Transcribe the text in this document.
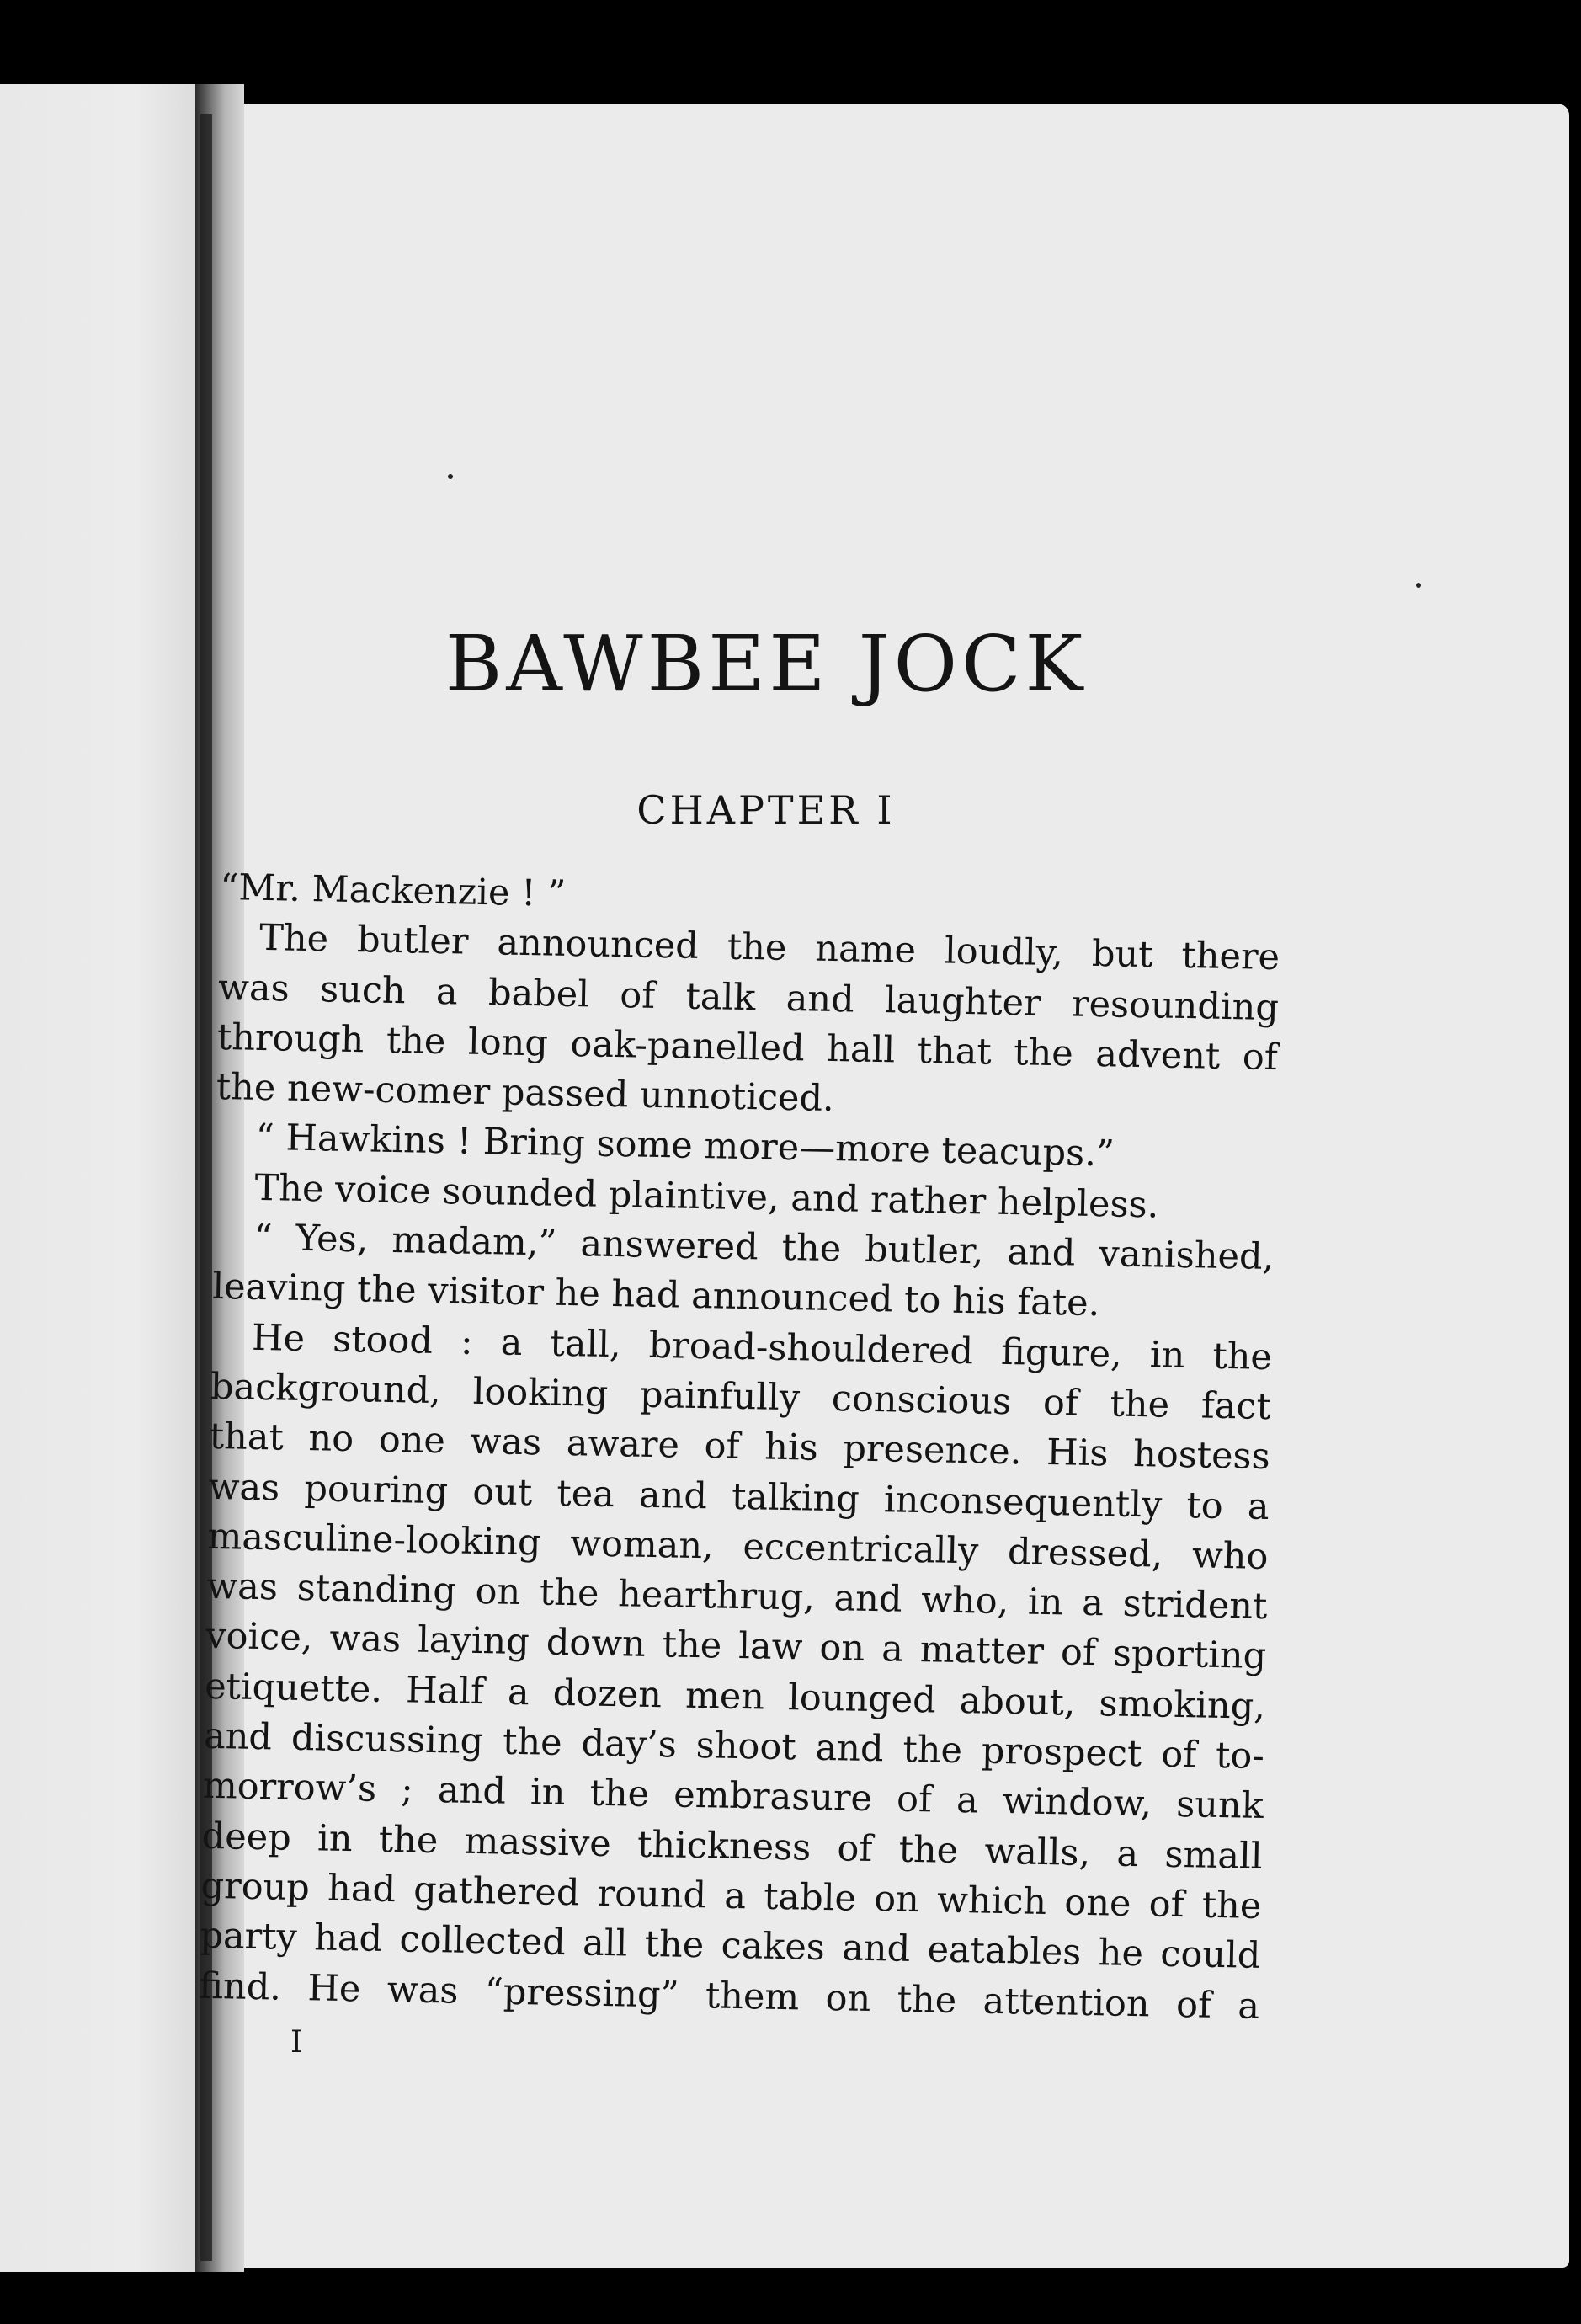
BAWBEE JOCK
CHAPTER I
“Mr. Mackenzie ! ”
The butler announced the name loudly, but there
was such a babel of talk and laughter resounding
through the long oak-panelled hall that the advent of
the new-comer passed unnoticed.
“ Hawkins ! Bring some more—more teacups.”
The voice sounded plaintive, and rather helpless.
“ Yes, madam,” answered the butler, and vanished,
leaving the visitor he had announced to his fate.
He stood : a tall, broad-shouldered figure, in the
background, looking painfully conscious of the fact
that no one was aware of his presence. His hostess
was pouring out tea and talking inconsequently to a
masculine-looking woman, eccentrically dressed, who
was standing on the hearthrug, and who, in a strident
voice, was laying down the law on a matter of sporting
etiquette. Half a dozen men lounged about, smoking,
and discussing the day’s shoot and the prospect of to-
morrow’s ; and in the embrasure of a window, sunk
deep in the massive thickness of the walls, a small
group had gathered round a table on which one of the
party had collected all the cakes and eatables he could
find. He was “pressing” them on the attention of a
I
